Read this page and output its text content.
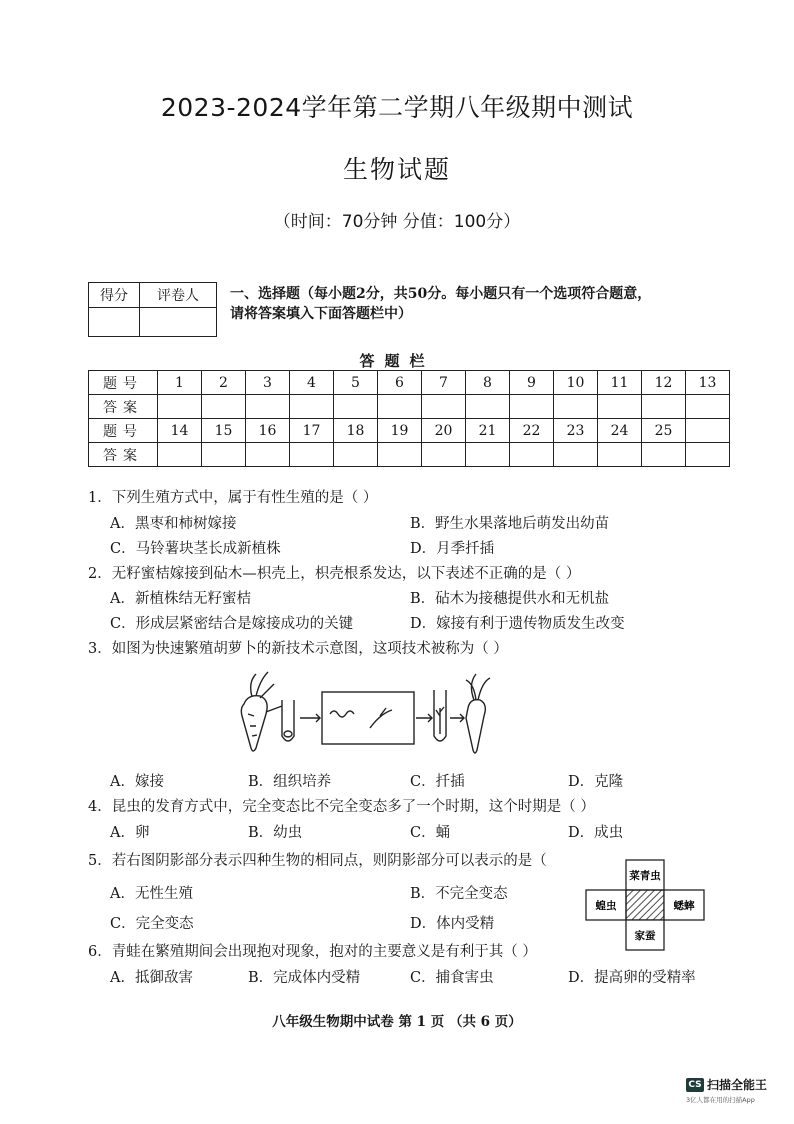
2023-2024学年第二学期八年级期中测试
生物试题
（时间：70分钟 分值：100分）
得分	评卷人
	一、选择题（每小题2分，共50分。每小题只有一个选项符合题意，
请将答案填入下面答题栏中）
答题栏
题号	1	2	3	4	5	6	7	8	9	10	11	12	13
答案													
题号	14	15	16	17	18	19	20	21	22	23	24	25	
答案													
1．下列生殖方式中，属于有性生殖的是（ ）
A．黑枣和柿树嫁接	B．野生水果落地后萌发出幼苗
C．马铃薯块茎长成新植株	D．月季扦插
2．无籽蜜桔嫁接到砧木—枳壳上，枳壳根系发达，以下表述不正确的是（ ）
A．新植株结无籽蜜桔	B．砧木为接穗提供水和无机盐
C．形成层紧密结合是嫁接成功的关键	D．嫁接有利于遗传物质发生改变
3．如图为快速繁殖胡萝卜的新技术示意图，这项技术被称为（ ）
A．嫁接	B．组织培养	C．扦插	D．克隆
4．昆虫的发育方式中，完全变态比不完全变态多了一个时期，这个时期是（ ）
A．卵	B．幼虫	C．蛹	D．成虫
5．若右图阴影部分表示四种生物的相同点，则阴影部分可以表示的是（
A．无性生殖	B．不完全变态
C．完全变态	D．体内受精
菜青虫
蝗虫	蟋蟀
家蚕
6．青蛙在繁殖期间会出现抱对现象，抱对的主要意义是有利于其（ ）
A．抵御敌害	B．完成体内受精	C．捕食害虫	D．提高卵的受精率
八年级生物期中试卷 第 1 页 （共 6 页）
CS 扫描全能王
3亿人都在用的扫描App
